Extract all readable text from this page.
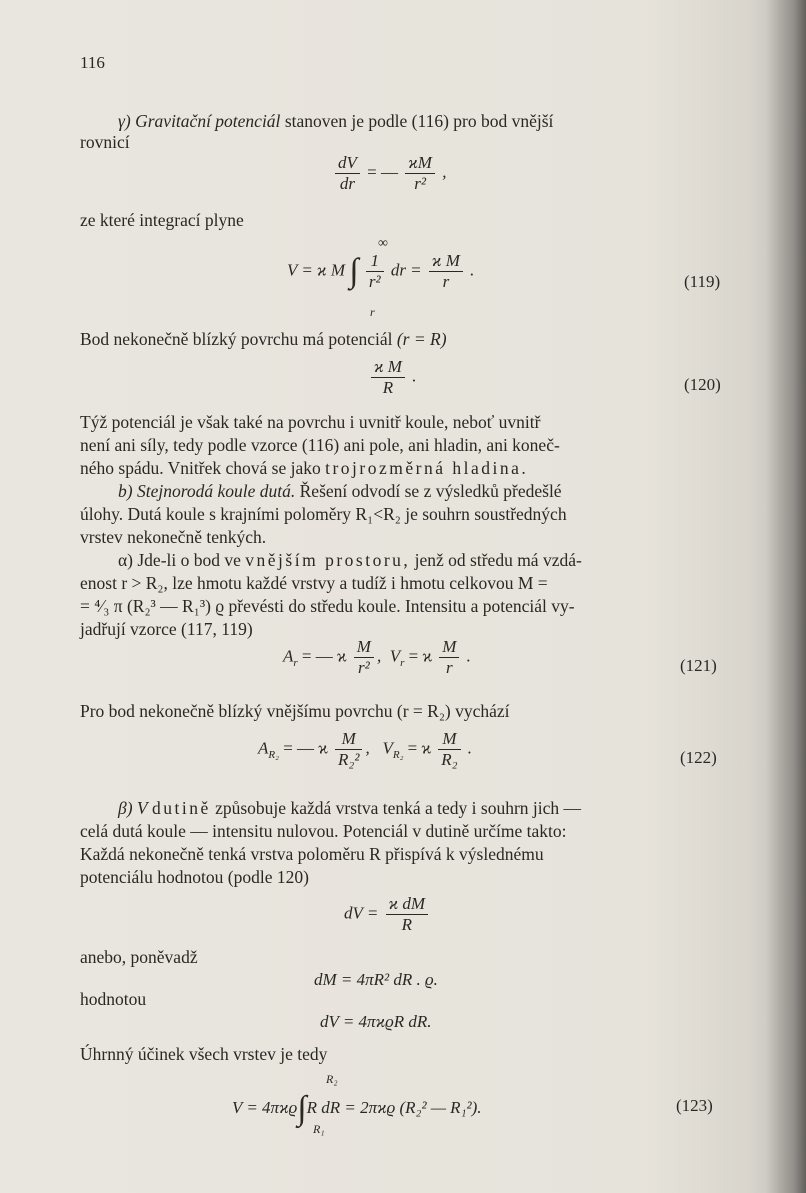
116
γ) Gravitační potenciál stanoven je podle (116) pro bod vnější
rovnicí
$\frac{dV}{dr}$ = — $\frac{ϰM}{\text{r²}}$ ,
ze které integrací plyne
V = ϰ M ∫ $\frac{1}{\text{r²}}$ dr = $\frac{\text{ϰ M}}{r}$ .
∞
r
(119)
Bod nekonečně blízký povrchu má potenciál (r = R)
$\frac{\text{ϰ M}}{R}$ .	(120)
Týž potenciál je však také na povrchu i uvnitř koule, neboť uvnitř
není ani síly, tedy podle vzorce (116) ani pole, ani hladin, ani koneč-
ného spádu. Vnitřek chová se jako trojrozměrná hladina.
b) Stejnorodá koule dutá. Řešení odvodí se z výsledků předešlé
úlohy. Dutá koule s krajními poloměry R₁<R₂ je souhrn soustředných
vrstev nekonečně tenkých.
α) Jde-li o bod ve vnějším prostoru, jenž od středu má vzdá-
enost r > R₂, lze hmotu každé vrstvy a tudíž i hmotu celkovou M =
= ⁴⁄₃ π (R₂³ — R₁³) ϱ převésti do středu koule. Intensitu a potenciál vy-
jadřují vzorce (117, 119)
$A_r$ = — ϰ $\frac{M}{\text{r²}}$ , $V_r = ϰ \frac{M}{r}$ .
(121)
Pro bod nekonečně blízký vnějšímu povrchu (r = R₂) vychází
$A_{R_2}$ = — ϰ $\frac{M}{\text{R₂²}}$ , $V_{R_2} = ϰ \frac{M}{\text{R₂}}$ .
(122)
β) V dutině způsobuje každá vrstva tenká a tedy i souhrn jich —
celá dutá koule — intensitu nulovou. Potenciál v dutině určíme takto:
Každá nekonečně tenká vrstva poloměru R přispívá k výslednému
potenciálu hodnotou (podle 120)
dV = $\frac{\text{ϰ dM}}{R}$
anebo, poněvadž
dM = 4πR² dR . ϱ.
hodnotou
dV = 4πϰϱR dR.
Úhrnný účinek všech vrstev je tedy
V = 4πϰϱ∫R dR = 2πϰϱ (R₂² — R₁²).
R₂
R₁
(123)
